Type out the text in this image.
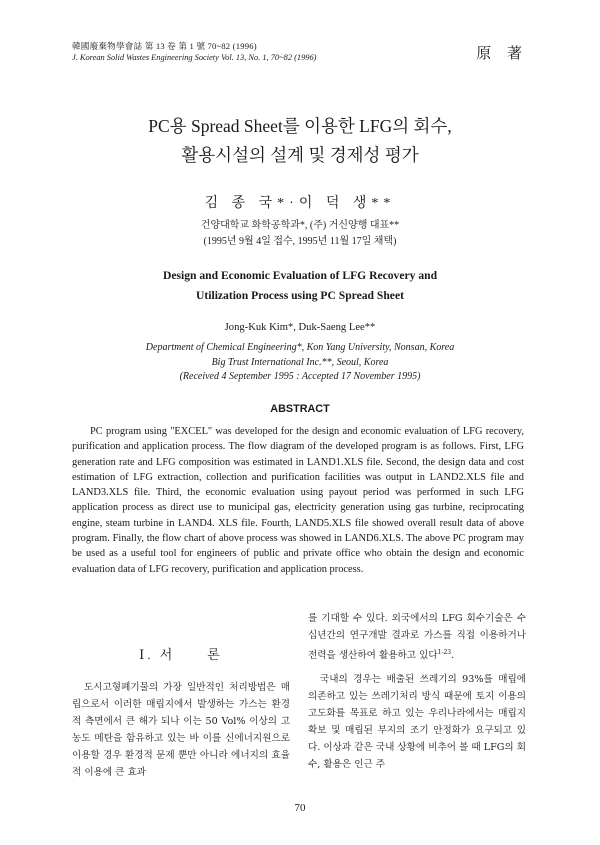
韓國廢棄物學會誌 第 13 卷 第 1 號 70~82 (1996)
J. Korean Solid Wastes Engineering Society Vol. 13, No. 1, 70~82 (1996)	原 著
PC용 Spread Sheet를 이용한 LFG의 회수,
활용시설의 설계 및 경제성 평가
김 종 국*·이 덕 생**
건양대학교 화학공학과*, (주) 거신양행 대표**
(1995년 9월 4일 접수, 1995년 11월 17일 채택)
Design and Economic Evaluation of LFG Recovery and
Utilization Process using PC Spread Sheet
Jong-Kuk Kim*, Duk-Saeng Lee**
Department of Chemical Engineering*, Kon Yang University, Nonsan, Korea
Big Trust International Inc.**, Seoul, Korea
(Received 4 September 1995 : Accepted 17 November 1995)
ABSTRACT
PC program using "EXCEL" was developed for the design and economic evaluation of LFG recovery, purification and application process. The flow diagram of the developed program is as follows. First, LFG generation rate and LFG composition was estimated in LAND1.XLS file. Second, the design data and cost estimation of LFG extraction, collection and purification facilities was output in LAND2.XLS file and LAND3.XLS file. Third, the economic evaluation using payout period was performed in such LFG application process as direct use to municipal gas, electricity generation using gas turbine, reciprocating engine, steam turbine in LAND4. XLS file. Fourth, LAND5.XLS file showed overall result data of above program. Finally, the flow chart of above process was showed in LAND6.XLS. The above PC program may be used as a useful tool for engineers of public and private office who obtain the design and economic evaluation data of LFG recovery, purification and application process.
Ⅰ. 서　　론

도시고형폐기물의 가장 일반적인 처리방법은 매립으로서 이러한 매립지에서 발생하는 가스는 환경적 측면에서 큰 해가 되나 이는 50 Vol% 이상의 고농도 메탄을 함유하고 있는 바 이를 신에너지원으로 이용할 경우 환경적 문제 뿐만 아니라 에너지의 효율적 이용에 큰 효과

를 기대할 수 있다. 외국에서의 LFG 회수기술은 수십년간의 연구개발 결과로 가스를 직접 이용하거나 전력을 생산하여 활용하고 있다$^{1-23}$.

국내의 경우는 배출된 쓰레기의 93%를 매립에 의존하고 있는 쓰레기처리 방식 때문에 토지 이용의 고도화를 목표로 하고 있는 우리나라에서는 매립지 확보 및 매립된 부지의 조기 안정화가 요구되고 있다. 이상과 같은 국내 상황에 비추어 볼 때 LFG의 회수, 활용은 인근 주

70
